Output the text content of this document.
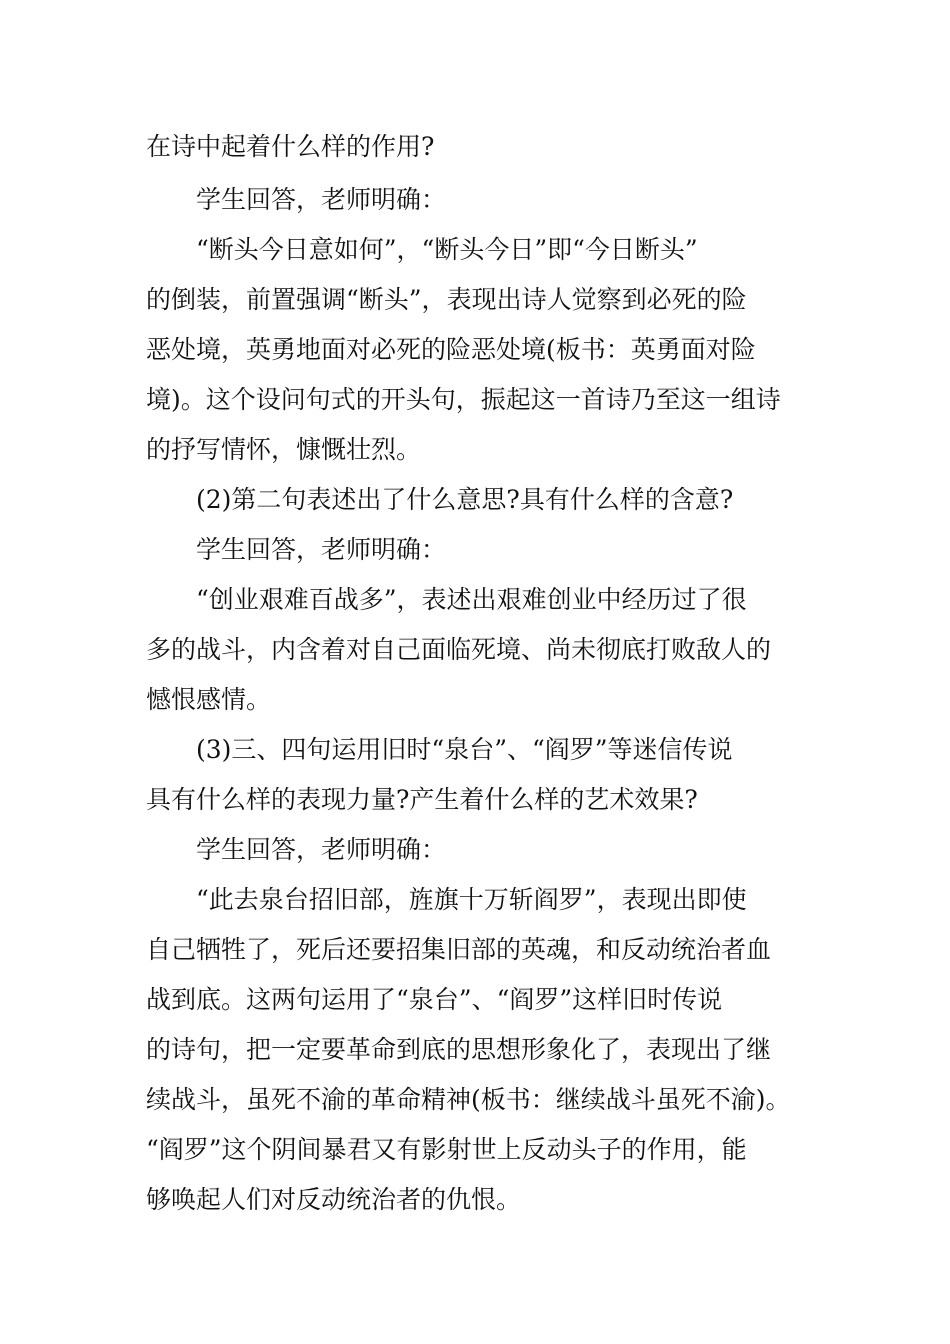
在诗中起着什么样的作用?
学生回答，老师明确：
“断头今日意如何”，“断头今日”即“今日断头”
的倒装，前置强调“断头”，表现出诗人觉察到必死的险
恶处境，英勇地面对必死的险恶处境(板书：英勇面对险
境)。这个设问句式的开头句，振起这一首诗乃至这一组诗
的抒写情怀，慷慨壮烈。
(2)第二句表述出了什么意思?具有什么样的含意?
学生回答，老师明确：
“创业艰难百战多”，表述出艰难创业中经历过了很
多的战斗，内含着对自己面临死境、尚未彻底打败敌人的
憾恨感情。
(3)三、四句运用旧时“泉台”、“阎罗”等迷信传说
具有什么样的表现力量?产生着什么样的艺术效果?
学生回答，老师明确：
“此去泉台招旧部，旌旗十万斩阎罗”，表现出即使
自己牺牲了，死后还要招集旧部的英魂，和反动统治者血
战到底。这两句运用了“泉台”、“阎罗”这样旧时传说
的诗句，把一定要革命到底的思想形象化了，表现出了继
续战斗，虽死不渝的革命精神(板书：继续战斗虽死不渝)。
“阎罗”这个阴间暴君又有影射世上反动头子的作用，能
够唤起人们对反动统治者的仇恨。
